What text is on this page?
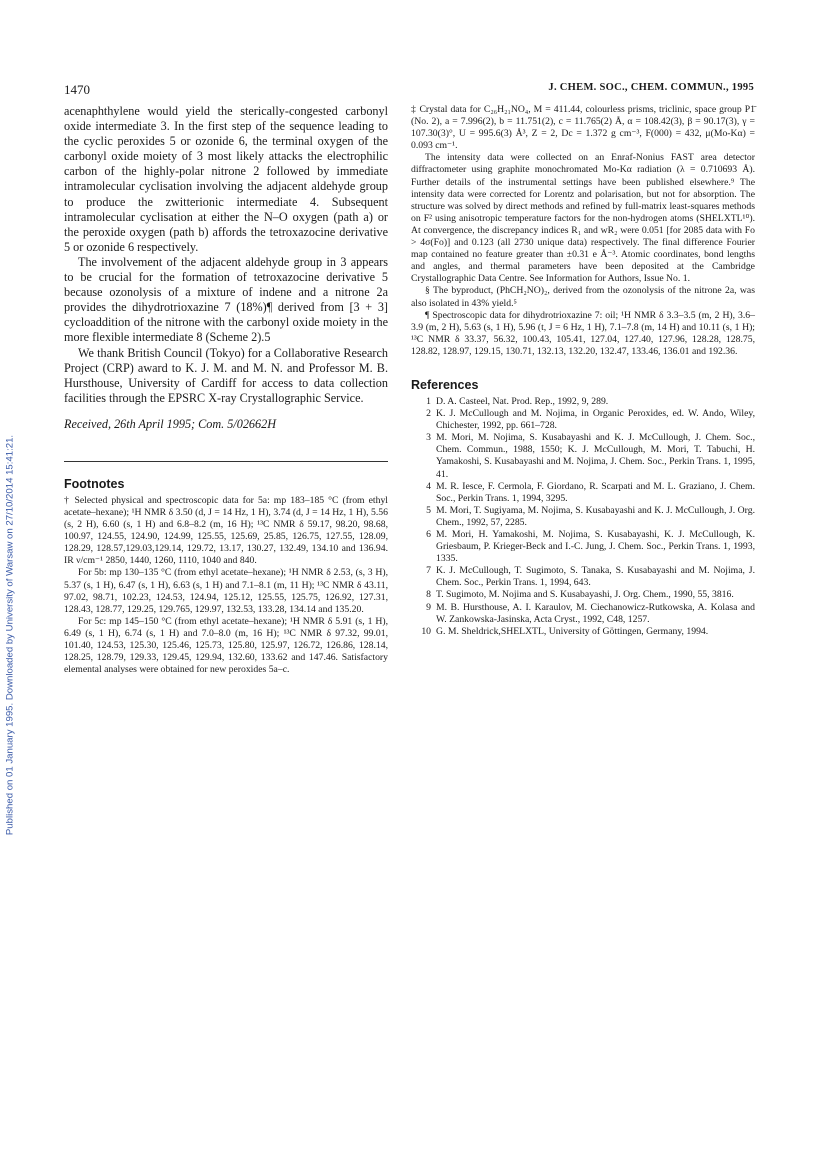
Published on 01 January 1995. Downloaded by University of Warsaw on 27/10/2014 15:41:21.
1470	J. CHEM. SOC., CHEM. COMMUN., 1995

acenaphthylene would yield the sterically-congested carbonyl oxide intermediate 3. In the first step of the sequence leading to the cyclic peroxides 5 or ozonide 6, the terminal oxygen of the carbonyl oxide moiety of 3 most likely attacks the electrophilic carbon of the highly-polar nitrone 2 followed by immediate intramolecular cyclisation involving the adjacent aldehyde group to produce the zwitterionic intermediate 4. Subsequent intramolecular cyclisation at either the N–O oxygen (path a) or the peroxide oxygen (path b) affords the tetroxazocine derivative 5 or ozonide 6 respectively.

The involvement of the adjacent aldehyde group in 3 appears to be crucial for the formation of tetroxazocine derivative 5 because ozonolysis of a mixture of indene and a nitrone 2a provides the dihydrotrioxazine 7 (18%)¶ derived from [3 + 3] cycloaddition of the nitrone with the carbonyl oxide moiety in the more flexible intermediate 8 (Scheme 2).5

We thank British Council (Tokyo) for a Collaborative Research Project (CRP) award to K. J. M. and M. N. and Professor M. B. Hursthouse, University of Cardiff for access to data collection facilities through the EPSRC X-ray Crystallographic Service.

Received, 26th April 1995; Com. 5/02662H

Footnotes

† Selected physical and spectroscopic data for 5a: mp 183–185 °C (from ethyl acetate–hexane); ¹H NMR δ 3.50 (d, J = 14 Hz, 1 H), 3.74 (d, J = 14 Hz, 1 H), 5.56 (s, 2 H), 6.60 (s, 1 H) and 6.8–8.2 (m, 16 H); ¹³C NMR δ 59.17, 98.20, 98.68, 100.97, 124.55, 124.90, 124.99, 125.55, 125.69, 25.85, 126.75, 127.55, 128.09, 128.29, 128.57,129.03,129.14, 129.72, 13.17, 130.27, 132.49, 134.10 and 136.94. IR ν/cm⁻¹ 2850, 1440, 1260, 1110, 1040 and 840.

For 5b: mp 130–135 °C (from ethyl acetate–hexane); ¹H NMR δ 2.53, (s, 3 H), 5.37 (s, 1 H), 6.47 (s, 1 H), 6.63 (s, 1 H) and 7.1–8.1 (m, 11 H); ¹³C NMR δ 43.11, 97.02, 98.71, 102.23, 124.53, 124.94, 125.12, 125.55, 125.75, 126.92, 127.31, 128.43, 128.77, 129.25, 129.765, 129.97, 132.53, 133.28, 134.14 and 135.20.

For 5c: mp 145–150 °C (from ethyl acetate–hexane); ¹H NMR δ 5.91 (s, 1 H), 6.49 (s, 1 H), 6.74 (s, 1 H) and 7.0–8.0 (m, 16 H); ¹³C NMR δ 97.32, 99.01, 101.40, 124.53, 125.30, 125.46, 125.73, 125.80, 125.97, 126.72, 126.86, 128.14, 128.25, 128.79, 129.33, 129.45, 129.94, 132.60, 133.62 and 147.46. Satisfactory elemental analyses were obtained for new peroxides 5a–c.

‡ Crystal data for C₂₆H₂₁NO₄, M = 411.44, colourless prisms, triclinic, space group P1̄ (No. 2), a = 7.996(2), b = 11.751(2), c = 11.765(2) Å, α = 108.42(3), β = 90.17(3), γ = 107.30(3)°, U = 995.6(3) Å³, Z = 2, Dc = 1.372 g cm⁻³, F(000) = 432, μ(Mo-Kα) = 0.093 cm⁻¹.

The intensity data were collected on an Enraf-Nonius FAST area detector diffractometer using graphite monochromated Mo-Kα radiation (λ = 0.710693 Å). Further details of the instrumental settings have been published elsewhere.⁹ The intensity data were corrected for Lorentz and polarisation, but not for absorption. The structure was solved by direct methods and refined by full-matrix least-squares methods on F² using anisotropic temperature factors for the non-hydrogen atoms (SHELXTL¹⁰). At convergence, the discrepancy indices R₁ and wR₂ were 0.051 [for 2085 data with Fo > 4σ(Fo)] and 0.123 (all 2730 unique data) respectively. The final difference Fourier map contained no feature greater than ±0.31 e Å⁻³. Atomic coordinates, bond lengths and angles, and thermal parameters have been deposited at the Cambridge Crystallographic Data Centre. See Information for Authors, Issue No. 1.

§ The byproduct, (PhCH₂NO)₂, derived from the ozonolysis of the nitrone 2a, was also isolated in 43% yield.⁵

¶ Spectroscopic data for dihydrotrioxazine 7: oil; ¹H NMR δ 3.3–3.5 (m, 2 H), 3.6–3.9 (m, 2 H), 5.63 (s, 1 H), 5.96 (t, J = 6 Hz, 1 H), 7.1–7.8 (m, 14 H) and 10.11 (s, 1 H); ¹³C NMR δ 33.37, 56.32, 100.43, 105.41, 127.04, 127.40, 127.96, 128.28, 128.75, 128.82, 128.97, 129.15, 130.71, 132.13, 132.20, 132.47, 133.46, 136.01 and 192.36.

References
1 D. A. Casteel, Nat. Prod. Rep., 1992, 9, 289.
2 K. J. McCullough and M. Nojima, in Organic Peroxides, ed. W. Ando, Wiley, Chichester, 1992, pp. 661–728.
3 M. Mori, M. Nojima, S. Kusabayashi and K. J. McCullough, J. Chem. Soc., Chem. Commun., 1988, 1550; K. J. McCullough, M. Mori, T. Tabuchi, H. Yamakoshi, S. Kusabayashi and M. Nojima, J. Chem. Soc., Perkin Trans. 1, 1995, 41.
4 M. R. Iesce, F. Cermola, F. Giordano, R. Scarpati and M. L. Graziano, J. Chem. Soc., Perkin Trans. 1, 1994, 3295.
5 M. Mori, T. Sugiyama, M. Nojima, S. Kusabayashi and K. J. McCullough, J. Org. Chem., 1992, 57, 2285.
6 M. Mori, H. Yamakoshi, M. Nojima, S. Kusabayashi, K. J. McCullough, K. Griesbaum, P. Krieger-Beck and I.-C. Jung, J. Chem. Soc., Perkin Trans. 1, 1993, 1335.
7 K. J. McCullough, T. Sugimoto, S. Tanaka, S. Kusabayashi and M. Nojima, J. Chem. Soc., Perkin Trans. 1, 1994, 643.
8 T. Sugimoto, M. Nojima and S. Kusabayashi, J. Org. Chem., 1990, 55, 3816.
9 M. B. Hursthouse, A. I. Karaulov, M. Ciechanowicz-Rutkowska, A. Kolasa and W. Zankowska-Jasinska, Acta Cryst., 1992, C48, 1257.
10 G. M. Sheldrick,SHELXTL, University of Göttingen, Germany, 1994.
